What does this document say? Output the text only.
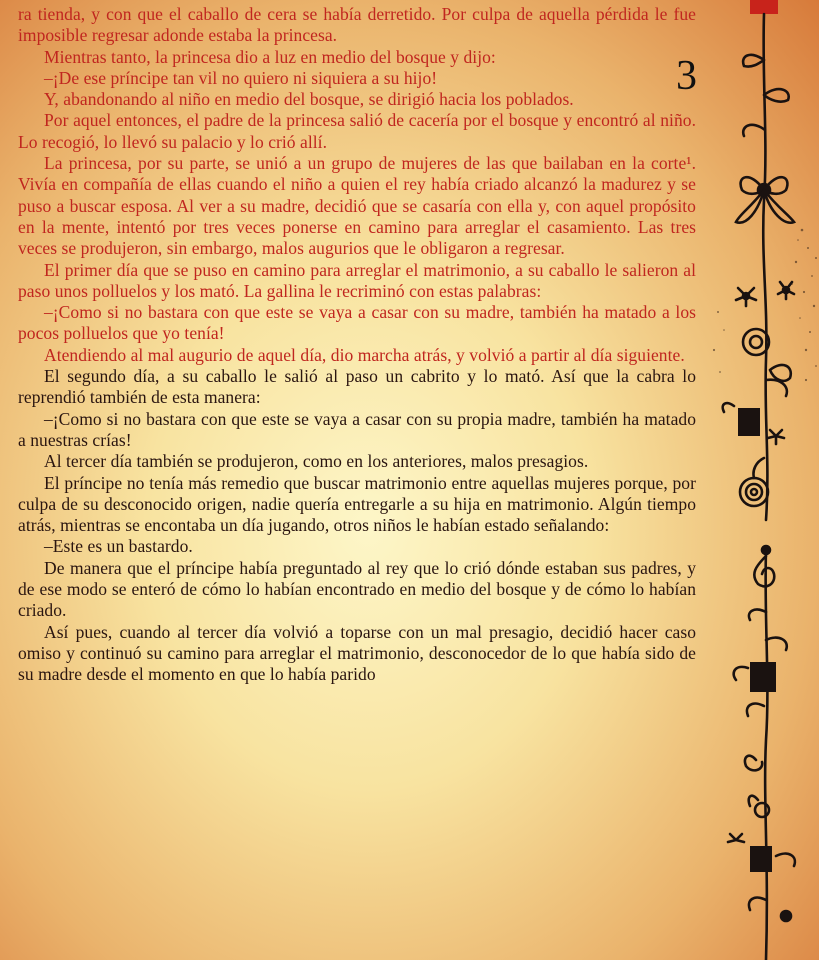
ra tienda, y con que el caballo de cera se había derretido. Por culpa de aquella pérdida le fue imposible regresar adonde estaba la princesa.

Mientras tanto, la princesa dio a luz en medio del bosque y dijo:

–¡De ese príncipe tan vil no quiero ni siquiera a su hijo!

Y, abandonando al niño en medio del bosque, se dirigió hacia los poblados.

Por aquel entonces, el padre de la princesa salió de cacería por el bosque y encontró al niño. Lo recogió, lo llevó su palacio y lo crió allí.

La princesa, por su parte, se unió a un grupo de mujeres de las que bailaban en la corte¹. Vivía en compañía de ellas cuando el niño a quien el rey había criado alcanzó la madurez y se puso a buscar esposa. Al ver a su madre, decidió que se casaría con ella y, con aquel propósito en la mente, intentó por tres veces ponerse en camino para arreglar el casamiento. Las tres veces se produjeron, sin embargo, malos augurios que le obligaron a regresar.

El primer día que se puso en camino para arreglar el matrimonio, a su caballo le salieron al paso unos polluelos y los mató. La gallina le recriminó con estas palabras:

–¡Como si no bastara con que este se vaya a casar con su madre, también ha matado a los pocos polluelos que yo tenía!

Atendiendo al mal augurio de aquel día, dio marcha atrás, y volvió a partir al día siguiente.

El segundo día, a su caballo le salió al paso un cabrito y lo mató. Así que la cabra lo reprendió también de esta manera:

–¡Como si no bastara con que este se vaya a casar con su propia madre, también ha matado a nuestras crías!

Al tercer día también se produjeron, como en los anteriores, malos presagios.

El príncipe no tenía más remedio que buscar matrimonio entre aquellas mujeres porque, por culpa de su desconocido origen, nadie quería entregarle a su hija en matrimonio. Algún tiempo atrás, mientras se encontaba un día jugando, otros niños le habían estado señalando:

–Este es un bastardo.

De manera que el príncipe había preguntado al rey que lo crió dónde estaban sus padres, y de ese modo se enteró de cómo lo habían encontrado en medio del bosque y de cómo lo habían criado.

Así pues, cuando al tercer día volvió a toparse con un mal presagio, decidió hacer caso omiso y continuó su camino para arreglar el matrimonio, desconocedor de lo que había sido de su madre desde el momento en que lo había parido

3
